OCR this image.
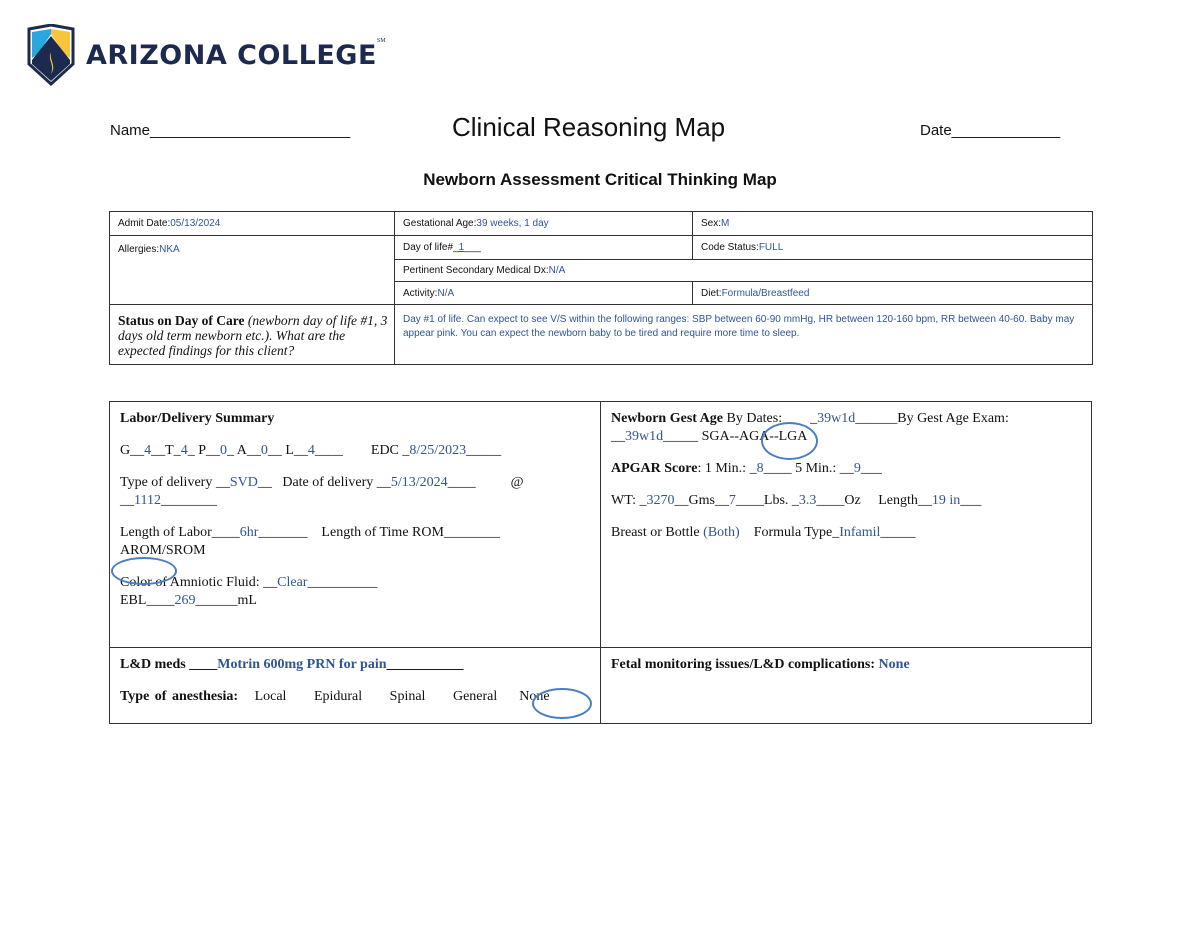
ARIZONA COLLEGE℠
Name________________________	Clinical Reasoning Map	Date_____________
Newborn Assessment Critical Thinking Map
Admit Date: 05/13/2024	Gestational Age: 39 weeks, 1 day	Sex: M
Allergies: NKA	Day of life#_ 1 ___	Code Status: FULL
Pertinent Secondary Medical Dx: N/A
Activity: N/A	Diet: Formula/Breastfeed
Status on Day of Care (newborn day of life #1, 3 days old term newborn etc.). What are the expected findings for this client?
Day #1 of life. Can expect to see V/S within the following ranges: SBP between 60-90 mmHg, HR between 120-160 bpm, RR between 40-60. Baby may appear pink. You can expect the newborn baby to be tired and require more time to sleep.

Labor/Delivery Summary

G__4__T_4_ P__0_ A__0__ L__4____        EDC _8/25/2023_____

Type of delivery __SVD__   Date of delivery __5/13/2024____          @
__1112________

Length of Labor____6hr_______    Length of Time ROM________
AROM/SROM

Color of Amniotic Fluid: __Clear__________
EBL____269______mL

Newborn Gest Age By Dates:        _39w1d______By Gest Age Exam:
__39w1d_____ SGA--AGA--LGA

APGAR Score: 1 Min.: _8____ 5 Min.: __9___

WT: _3270__Gms__7____Lbs. _3.3____Oz     Length__19 in___

Breast or Bottle (Both)    Formula Type_Infamil_____

L&D meds ____Motrin 600mg PRN for pain___________

Type of anesthesia: Local Epidural Spinal General None

Fetal monitoring issues/L&D complications: None
